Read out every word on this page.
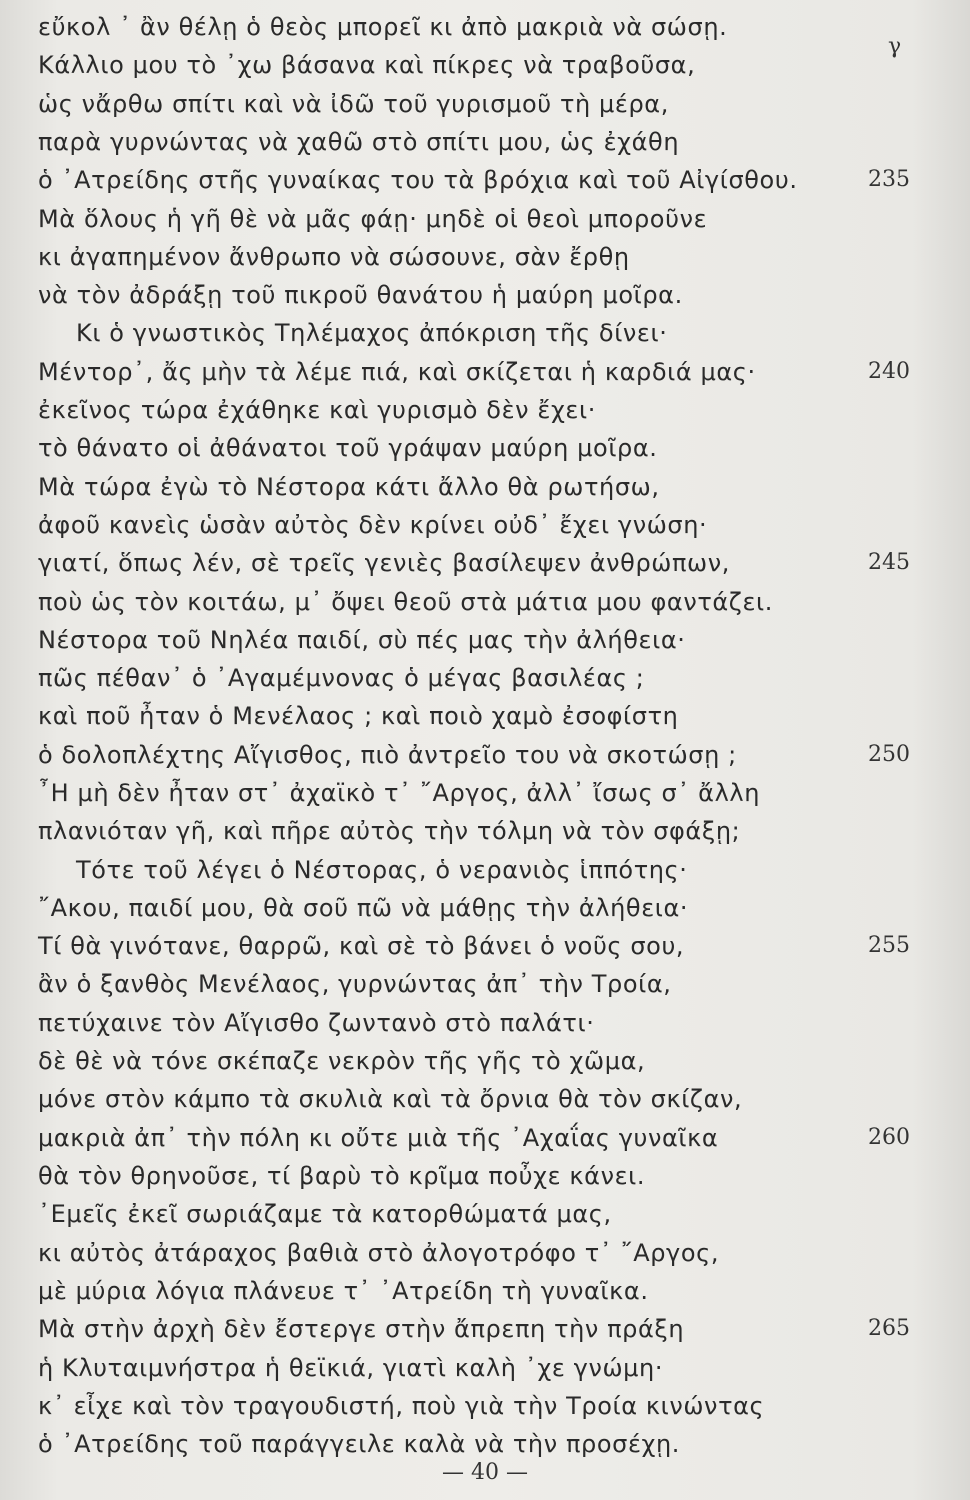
γ
εὔκολ ᾽ ἂν θέλῃ ὁ θεὸς μπορεῖ κι ἀπὸ μακριὰ νὰ σώσῃ.
Κάλλιο μου τὸ ᾽χω βάσανα καὶ πίκρες νὰ τραβοῦσα,
ὡς νἄρθω σπίτι καὶ νὰ ἰδῶ τοῦ γυρισμοῦ τὴ μέρα,
παρὰ γυρνώντας νὰ χαθῶ στὸ σπίτι μου, ὡς ἐχάθη
ὁ ᾽Ατρείδης στῆς γυναίκας του τὰ βρόχια καὶ τοῦ Αἰγίσθου.	235
Μὰ ὅλους ἡ γῆ θὲ νὰ μᾶς φάῃ· μηδὲ οἱ θεοὶ μποροῦνε
κι ἀγαπημένον ἄνθρωπο νὰ σώσουνε, σὰν ἔρθῃ
νὰ τὸν ἀδράξῃ τοῦ πικροῦ θανάτου ἡ μαύρη μοῖρα.
Κι ὁ γνωστικὸς Τηλέμαχος ἀπόκριση τῆς δίνει·
Μέντορ᾽, ἄς μὴν τὰ λέμε πιά, καὶ σκίζεται ἡ καρδιά μας·	240
ἐκεῖνος τώρα ἐχάθηκε καὶ γυρισμὸ δὲν ἔχει·
τὸ θάνατο οἱ ἀθάνατοι τοῦ γράψαν μαύρη μοῖρα.
Μὰ τώρα ἐγὼ τὸ Νέστορα κάτι ἄλλο θὰ ρωτήσω,
ἀφοῦ κανεὶς ὡσὰν αὐτὸς δὲν κρίνει οὐδ᾽ ἔχει γνώση·
γιατί, ὅπως λέν, σὲ τρεῖς γενιὲς βασίλεψεν ἀνθρώπων,	245
ποὺ ὡς τὸν κοιτάω, μ᾽ ὄψει θεοῦ στὰ μάτια μου φαντάζει.
Νέστορα τοῦ Νηλέα παιδί, σὺ πές μας τὴν ἀλήθεια·
πῶς πέθαν᾽ ὁ ᾽Αγαμέμνονας ὁ μέγας βασιλέας ;
καὶ ποῦ ἦταν ὁ Μενέλαος ; καὶ ποιὸ χαμὸ ἐσοφίστη
ὁ δολοπλέχτης Αἴγισθος, πιὸ ἀντρεῖο του νὰ σκοτώσῃ ;	250
῏Η μὴ δὲν ἦταν στ᾽ ἀχαϊκὸ τ᾽ ῎Αργος, ἀλλ᾽ ἴσως σ᾽ ἄλλη
πλανιόταν γῆ, καὶ πῆρε αὐτὸς τὴν τόλμη νὰ τὸν σφάξῃ;
Τότε τοῦ λέγει ὁ Νέστορας, ὁ νερανιὸς ἱππότης·
῎Ακου, παιδί μου, θὰ σοῦ πῶ νὰ μάθῃς τὴν ἀλήθεια·
Τί θὰ γινότανε, θαρρῶ, καὶ σὲ τὸ βάνει ὁ νοῦς σου,	255
ἂν ὁ ξανθὸς Μενέλαος, γυρνώντας ἀπ᾽ τὴν Τροία,
πετύχαινε τὸν Αἴγισθο ζωντανὸ στὸ παλάτι·
δὲ θὲ νὰ τόνε σκέπαζε νεκρὸν τῆς γῆς τὸ χῶμα,
μόνε στὸν κάμπο τὰ σκυλιὰ καὶ τὰ ὄρνια θὰ τὸν σκίζαν,
μακριὰ ἀπ᾽ τὴν πόλη κι οὔτε μιὰ τῆς ᾽Αχαΐας γυναῖκα	260
θὰ τὸν θρηνοῦσε, τί βαρὺ τὸ κρῖμα ποὖχε κάνει.
᾽Εμεῖς ἐκεῖ σωριάζαμε τὰ κατορθώματά μας,
κι αὐτὸς ἀτάραχος βαθιὰ στὸ ἀλογοτρόφο τ᾽ ῎Αργος,
μὲ μύρια λόγια πλάνευε τ᾽ ᾽Ατρείδη τὴ γυναῖκα.
Μὰ στὴν ἀρχὴ δὲν ἔστεργε στὴν ἄπρεπη τὴν πράξη	265
ἡ Κλυταιμνήστρα ἡ θεϊκιά, γιατὶ καλὴ ᾽χε γνώμη·
κ᾽ εἶχε καὶ τὸν τραγουδιστή, ποὺ γιὰ τὴν Τροία κινώντας
ὁ ᾽Ατρείδης τοῦ παράγγειλε καλὰ νὰ τὴν προσέχῃ.
— 40 —
